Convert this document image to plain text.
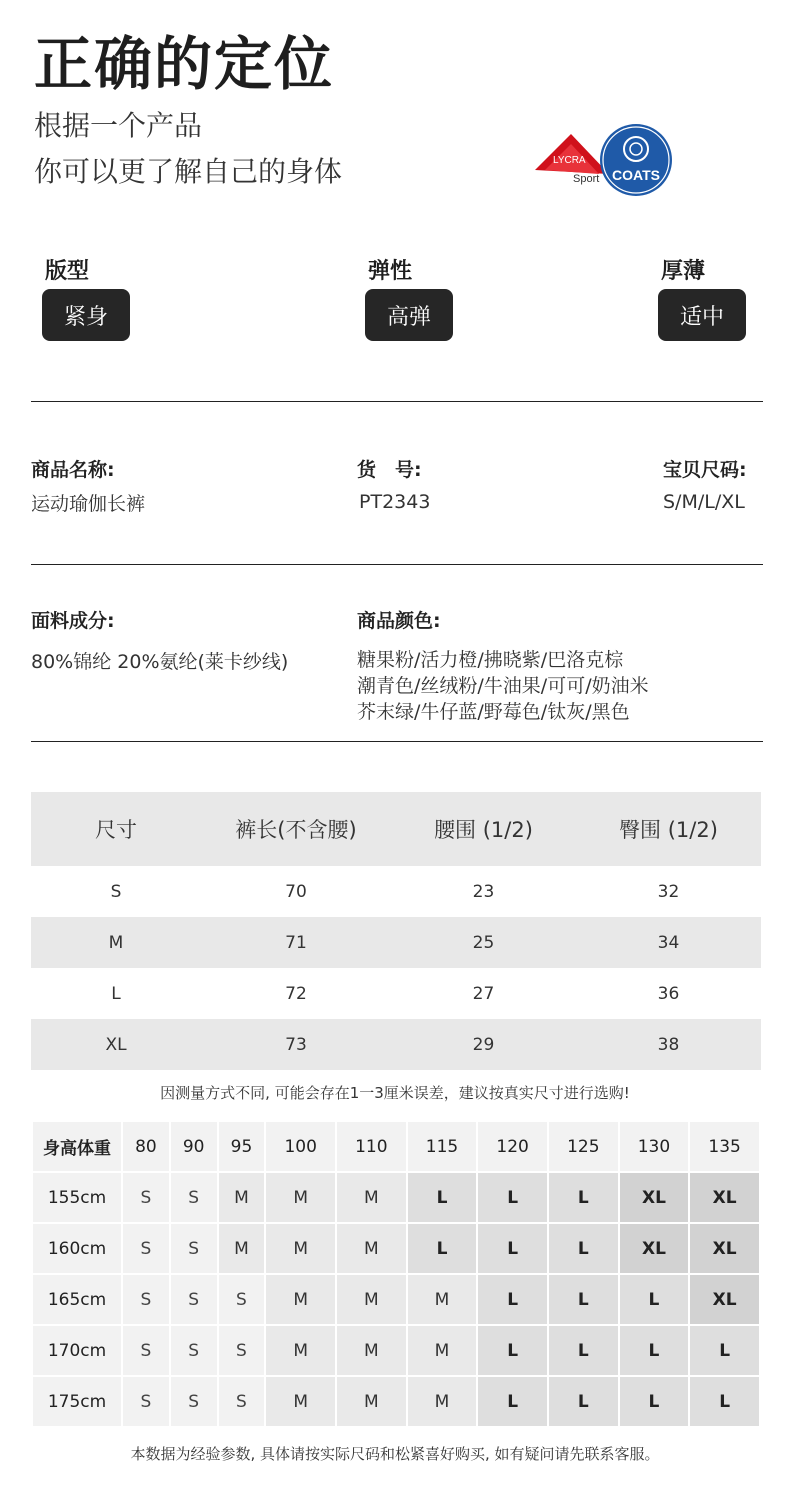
正确的定位
根据一个产品
你可以更了解自己的身体	LYCRA
Sport COATS
版型
紧身
弹性
高弹
厚薄
适中
商品名称:
运动瑜伽长裤
货　号:
PT2343
宝贝尺码:
S/M/L/XL
面料成分:
80%锦纶 20%氨纶(莱卡纱线)
商品颜色:
糖果粉/活力橙/拂晓紫/巴洛克棕
潮青色/丝绒粉/牛油果/可可/奶油米
芥末绿/牛仔蓝/野莓色/钛灰/黑色
尺寸	裤长(不含腰)	腰围 (1/2)	臀围 (1/2)
S	70	23	32
M	71	25	34
L	72	27	36
XL	73	29	38
因测量方式不同, 可能会存在1一3厘米误差，建议按真实尺寸进行选购!
身高体重	80	90	95	100	110	115	120	125	130	135
155cm	S	S	M	M	M	L	L	L	XL	XL
160cm	S	S	M	M	M	L	L	L	XL	XL
165cm	S	S	S	M	M	M	L	L	L	XL
170cm	S	S	S	M	M	M	L	L	L	L
175cm	S	S	S	M	M	M	L	L	L	L
本数据为经验参数, 具体请按实际尺码和松紧喜好购买, 如有疑问请先联系客服。
